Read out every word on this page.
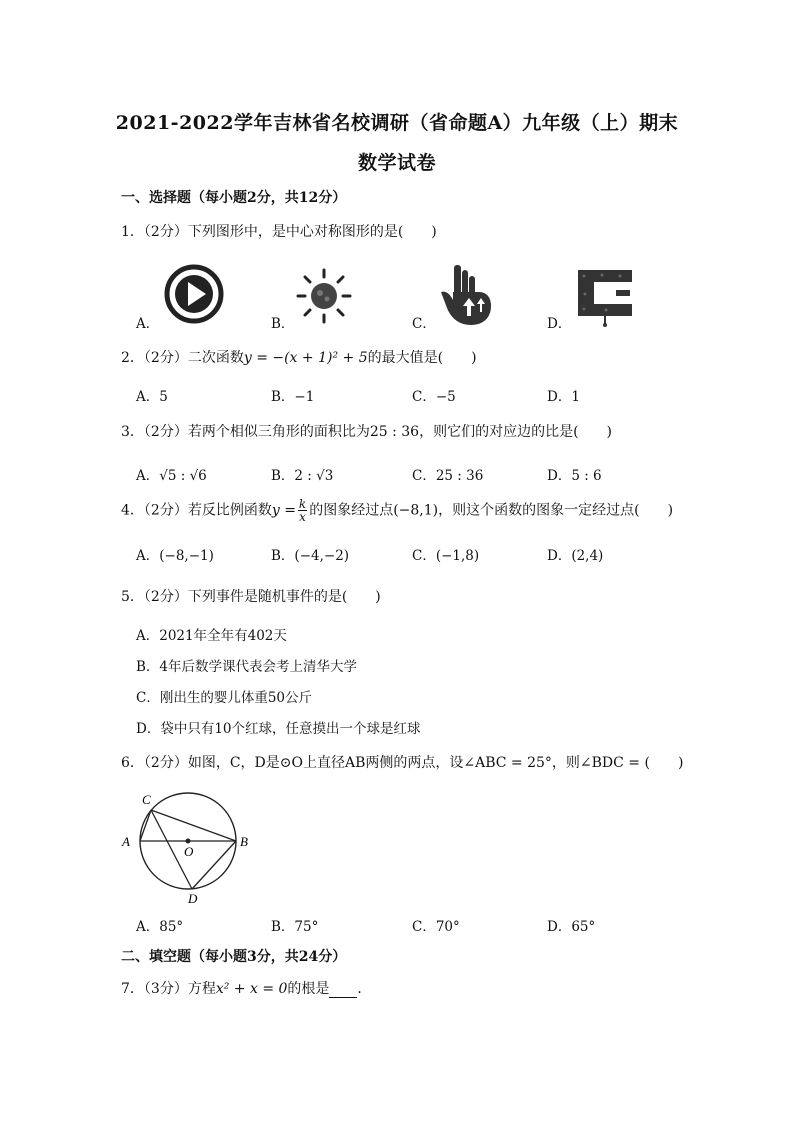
2021-2022学年吉林省名校调研（省命题A）九年级（上）期末
数学试卷
一、选择题（每小题2分，共12分）
1．（2分）下列图形中，是中心对称图形的是(　　)
A．	B．	C．	D．
2．（2分）二次函数y = −(x + 1)² + 5的最大值是(　　)
A．5	B．−1	C．−5	D．1
3．（2分）若两个相似三角形的面积比为25 : 36，则它们的对应边的比是(　　)
A．√5 : √6	B．2 : √3	C．25 : 36	D．5 : 6
4．（2分）若反比例函数$y = \frac{k}{x}$ 的图象经过点(−8,1)，则这个函数的图象一定经过点(　　)
A．(−8,−1)	B．(−4,−2)	C．(−1,8)	D．(2,4)
5．（2分）下列事件是随机事件的是(　　)
A．2021年全年有402天
B．4年后数学课代表会考上清华大学
C．刚出生的婴儿体重50公斤
D．袋中只有10个红球，任意摸出一个球是红球
6．（2分）如图，C，D是⊙O上直径AB两侧的两点，设∠ABC = 25°，则∠BDC = (　　)
A	B
C
D
O
A．85°	B．75°	C．70°	D．65°
二、填空题（每小题3分，共24分）
7．（3分）方程x² + x = 0的根是 ．
